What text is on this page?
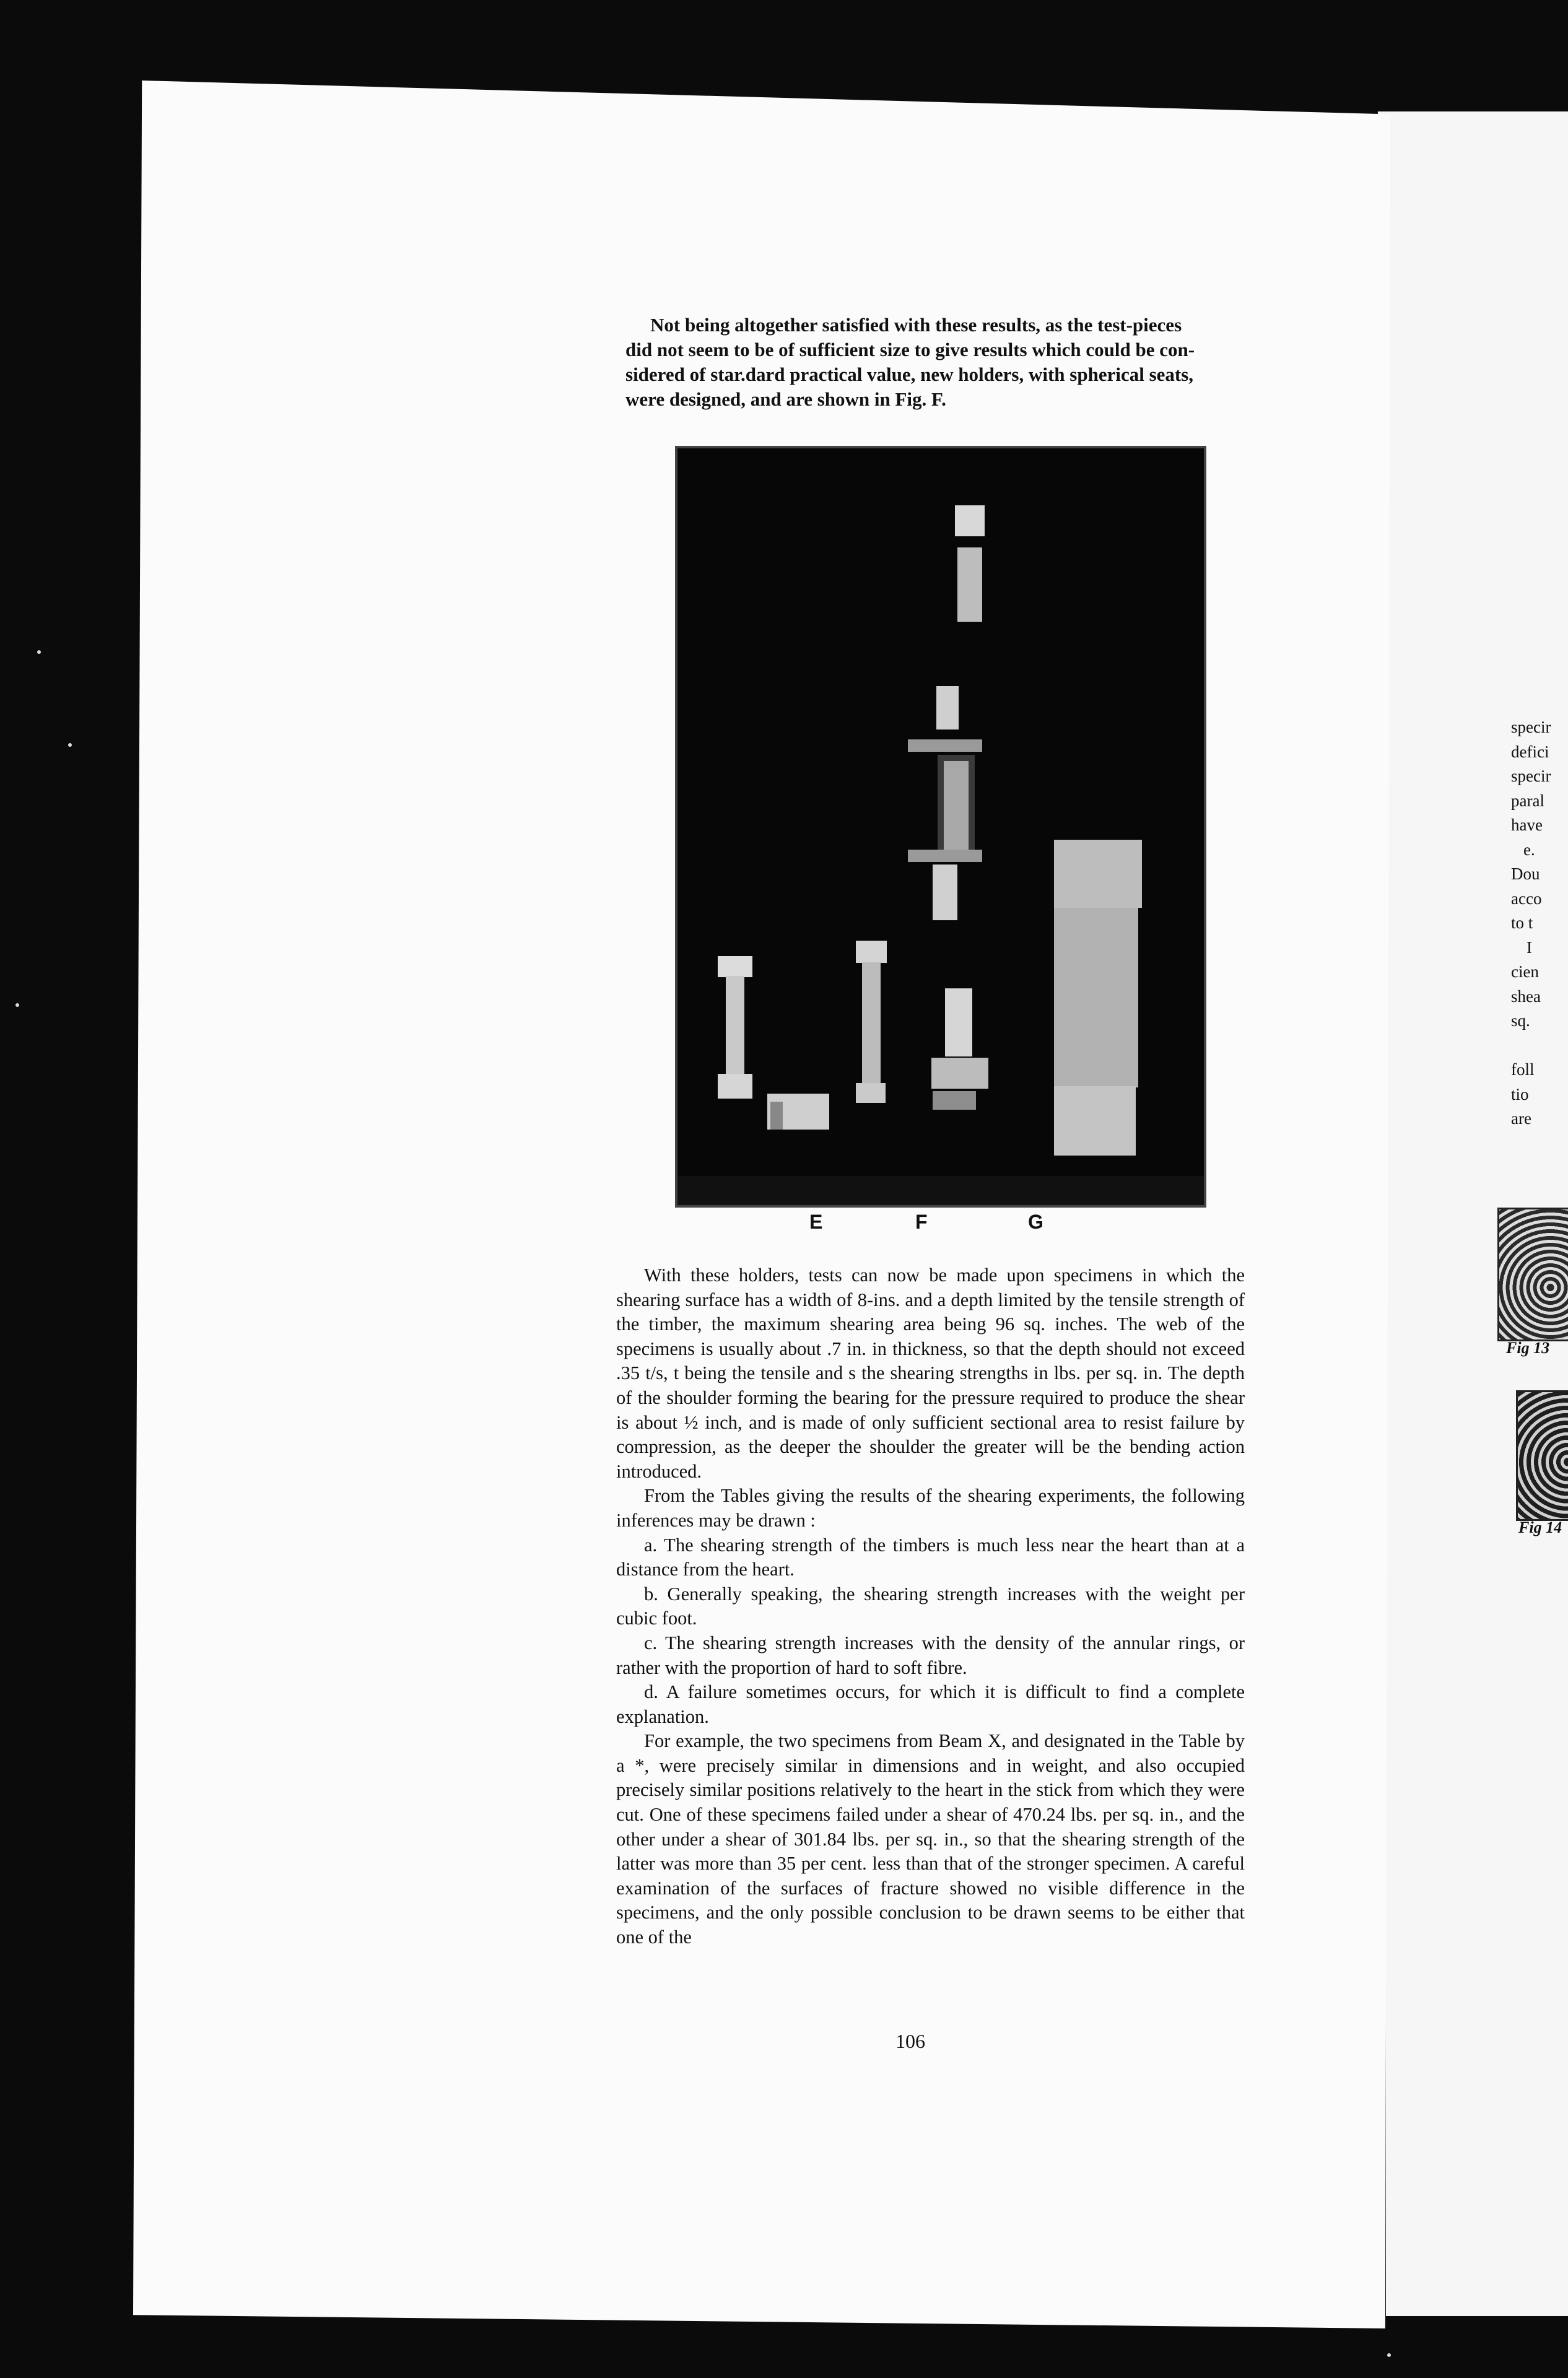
specir
defici
specir
paral
have
e.
Dou
acco
to t
I
cien
shea
sq.
foll
tio
are
Fig 13
Fig 14
Not being altogether satisfied with these results, as the test-pieces
did not seem to be of sufficient size to give results which could be con-
sidered of star.dard practical value, new holders, with spherical seats,
were designed, and are shown in Fig. F.
E	F	G

With these holders, tests can now be made upon specimens in which the shearing surface has a width of 8-ins. and a depth limited by the tensile strength of the timber, the maximum shearing area being 96 sq. inches. The web of the specimens is usually about .7 in. in thickness, so that the depth should not exceed .35 t/s, t being the tensile and s the shearing strengths in lbs. per sq. in. The depth of the shoulder forming the bearing for the pressure required to produce the shear is about ½ inch, and is made of only sufficient sectional area to resist failure by compression, as the deeper the shoulder the greater will be the bending action introduced.

From the Tables giving the results of the shearing experiments, the following inferences may be drawn :

a. The shearing strength of the timbers is much less near the heart than at a distance from the heart.

b. Generally speaking, the shearing strength increases with the weight per cubic foot.

c. The shearing strength increases with the density of the annular rings, or rather with the proportion of hard to soft fibre.

d. A failure sometimes occurs, for which it is difficult to find a complete explanation.

For example, the two specimens from Beam X, and designated in the Table by a *, were precisely similar in dimensions and in weight, and also occupied precisely similar positions relatively to the heart in the stick from which they were cut. One of these specimens failed under a shear of 470.24 lbs. per sq. in., and the other under a shear of 301.84 lbs. per sq. in., so that the shearing strength of the latter was more than 35 per cent. less than that of the stronger specimen. A careful examination of the surfaces of fracture showed no visible difference in the specimens, and the only possible conclusion to be drawn seems to be either that one of the

106
